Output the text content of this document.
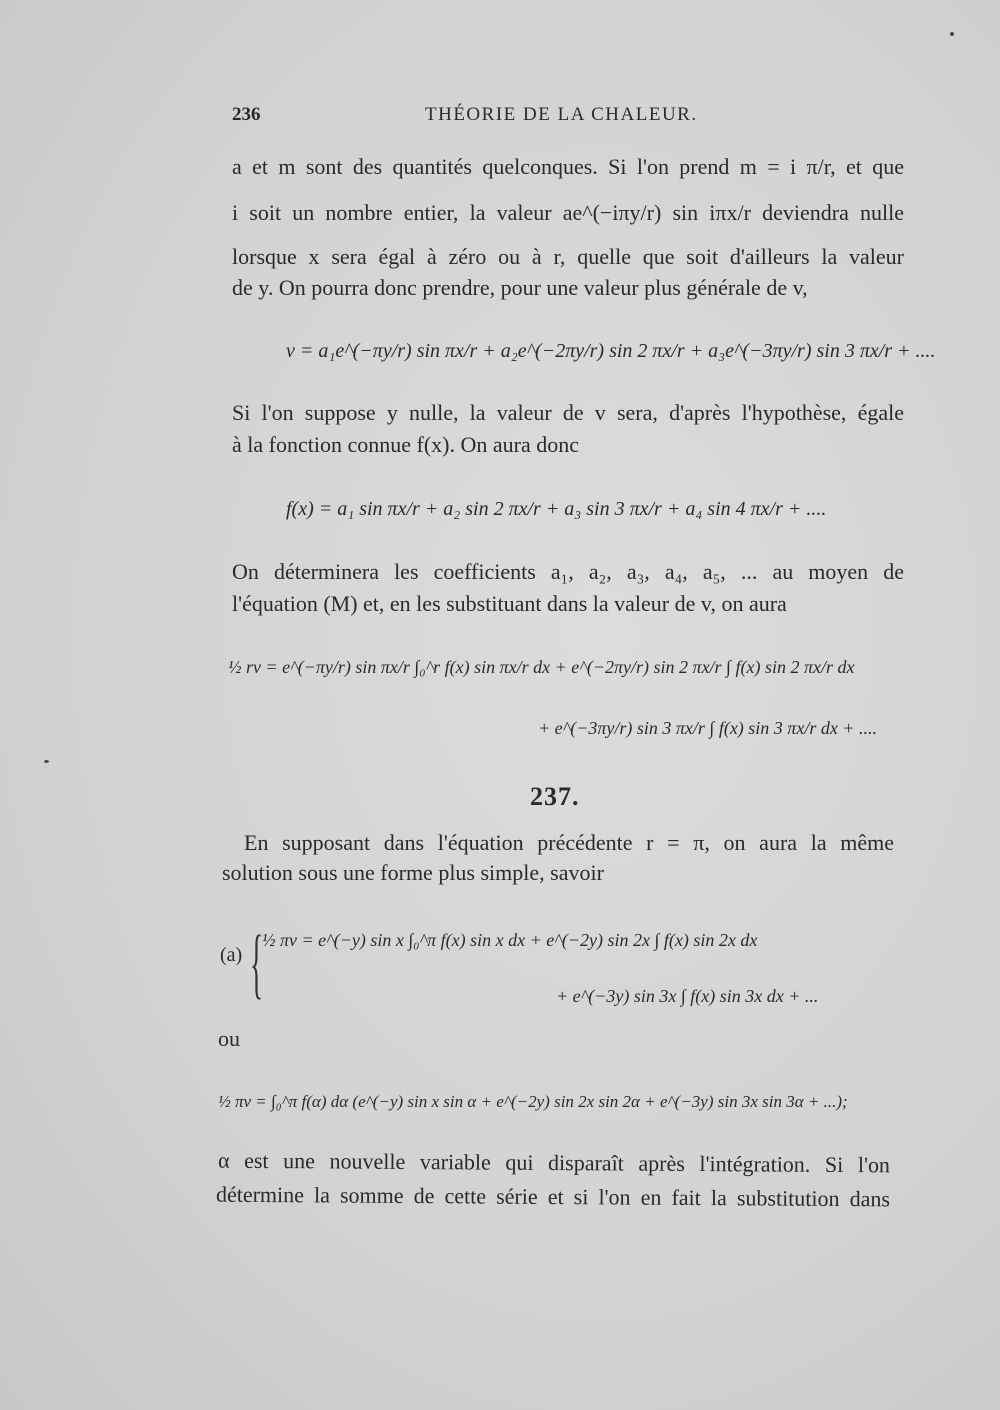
236	THÉORIE DE LA CHALEUR.
a et m sont des quantités quelconques. Si l'on prend m = i π/r, et que
i soit un nombre entier, la valeur ae^(−iπy/r) sin iπx/r deviendra nulle
lorsque x sera égal à zéro ou à r, quelle que soit d'ailleurs la valeur
de y. On pourra donc prendre, pour une valeur plus générale de v,
v = a₁e^(−πy/r) sin πx/r + a₂e^(−2πy/r) sin 2 πx/r + a₃e^(−3πy/r) sin 3 πx/r + ....
Si l'on suppose y nulle, la valeur de v sera, d'après l'hypothèse, égale
à la fonction connue f(x). On aura donc
f(x) = a₁ sin πx/r + a₂ sin 2 πx/r + a₃ sin 3 πx/r + a₄ sin 4 πx/r + ....
On déterminera les coefficients a₁, a₂, a₃, a₄, a₅, ... au moyen de
l'équation (M) et, en les substituant dans la valeur de v, on aura
½ rv = e^(−πy/r) sin πx/r ∫₀^r f(x) sin πx/r dx + e^(−2πy/r) sin 2 πx/r ∫ f(x) sin 2 πx/r dx
+ e^(−3πy/r) sin 3 πx/r ∫ f(x) sin 3 πx/r dx + ....
237.
En supposant dans l'équation précédente r = π, on aura la même
solution sous une forme plus simple, savoir
(a) {
½ πv = e^(−y) sin x ∫₀^π f(x) sin x dx + e^(−2y) sin 2x ∫ f(x) sin 2x dx
+ e^(−3y) sin 3x ∫ f(x) sin 3x dx + ...
ou
½ πv = ∫₀^π f(α) dα (e^(−y) sin x sin α + e^(−2y) sin 2x sin 2α + e^(−3y) sin 3x sin 3α + ...);
α est une nouvelle variable qui disparaît après l'intégration. Si l'on
détermine la somme de cette série et si l'on en fait la substitution dans
